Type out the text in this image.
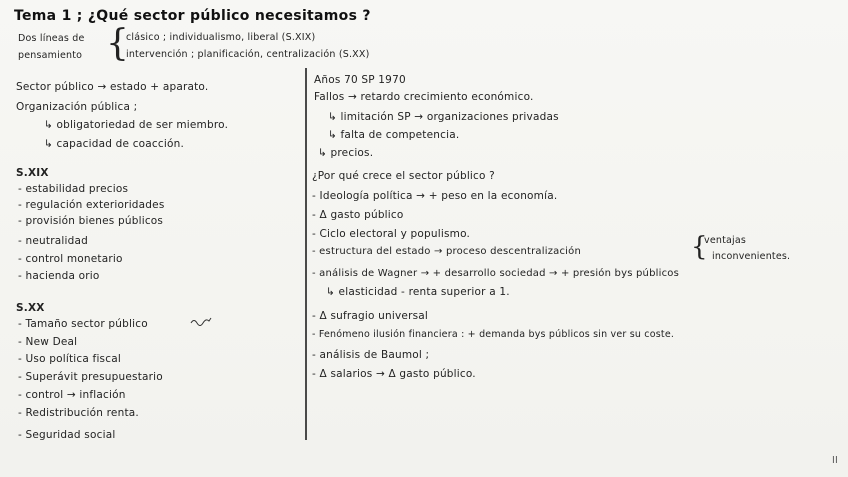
Tema 1 ; ¿Qué sector público necesitamos ?
Dos líneas de
pensamiento {
clásico ; individualismo, liberal (S.XIX)
intervención ; planificación, centralización (S.XX)
Sector público → estado + aparato.
Organización pública ;
↳ obligatoriedad de ser miembro.
↳ capacidad de coacción.
S.XIX
- estabilidad precios
- regulación exterioridades
- provisión bienes públicos
- neutralidad
- control monetario
- hacienda orio
S.XX
- Tamaño sector público
- New Deal
- Uso política fiscal
- Superávit presupuestario
- control → inflación
- Redistribución renta.
- Seguridad social
Años 70 SP 1970
Fallos → retardo crecimiento económico.
↳ limitación SP → organizaciones privadas
↳ falta de competencia.
↳ precios.
¿Por qué crece el sector público ?
- Ideología política → + peso en la economía.
- Δ gasto público
- Ciclo electoral y populismo.
- estructura del estado → proceso descentralización	{
ventajas
inconvenientes.
- análisis de Wagner → + desarrollo sociedad → + presión bys públicos
↳ elasticidad - renta superior a 1.
- Δ sufragio universal
- Fenómeno ilusión financiera : + demanda bys públicos sin ver su coste.
- análisis de Baumol ;
- Δ salarios → Δ gasto público.
II
